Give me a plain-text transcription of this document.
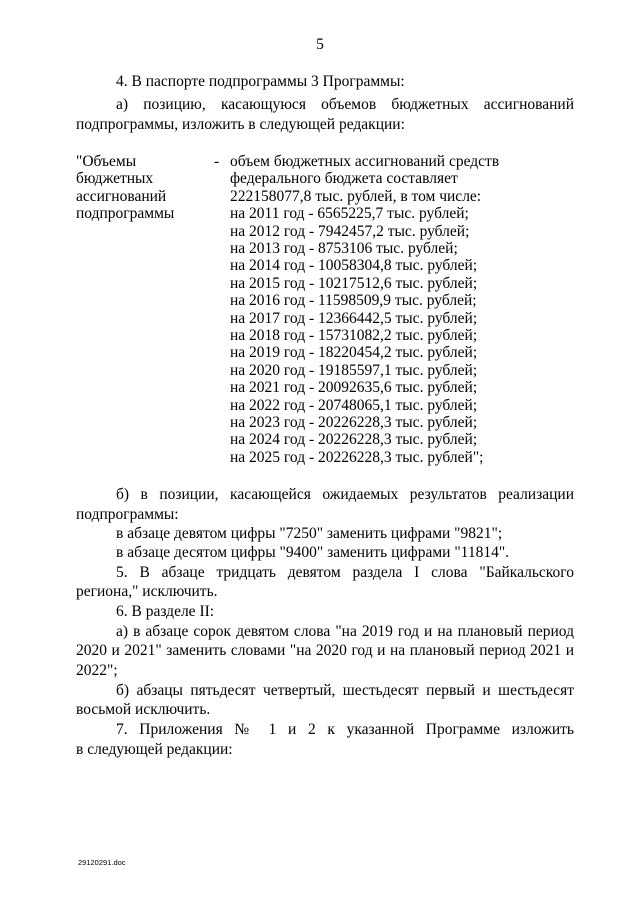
5
4. В паспорте подпрограммы 3 Программы:
а) позицию, касающуюся объемов бюджетных ассигнований
подпрограммы, изложить в следующей редакции:
"Объемы
бюджетных
ассигнований
подпрограммы
- объем бюджетных ассигнований средств
федерального бюджета составляет
222158077,8 тыс. рублей, в том числе:
на 2011 год - 6565225,7 тыс. рублей;
на 2012 год - 7942457,2 тыс. рублей;
на 2013 год - 8753106 тыс. рублей;
на 2014 год - 10058304,8 тыс. рублей;
на 2015 год - 10217512,6 тыс. рублей;
на 2016 год - 11598509,9 тыс. рублей;
на 2017 год - 12366442,5 тыс. рублей;
на 2018 год - 15731082,2 тыс. рублей;
на 2019 год - 18220454,2 тыс. рублей;
на 2020 год - 19185597,1 тыс. рублей;
на 2021 год - 20092635,6 тыс. рублей;
на 2022 год - 20748065,1 тыс. рублей;
на 2023 год - 20226228,3 тыс. рублей;
на 2024 год - 20226228,3 тыс. рублей;
на 2025 год - 20226228,3 тыс. рублей";
б) в позиции, касающейся ожидаемых результатов реализации
подпрограммы:
в абзаце девятом цифры "7250" заменить цифрами "9821";
в абзаце десятом цифры "9400" заменить цифрами "11814".
5. В абзаце тридцать девятом раздела I слова "Байкальского
региона," исключить.
6. В разделе II:
а) в абзаце сорок девятом слова "на 2019 год и на плановый период
2020 и 2021" заменить словами "на 2020 год и на плановый период 2021 и
2022";
б) абзацы пятьдесят четвертый, шестьдесят первый и шестьдесят
восьмой исключить.
7. Приложения № 1 и 2 к указанной Программе изложить
в следующей редакции:
29120291.doc
